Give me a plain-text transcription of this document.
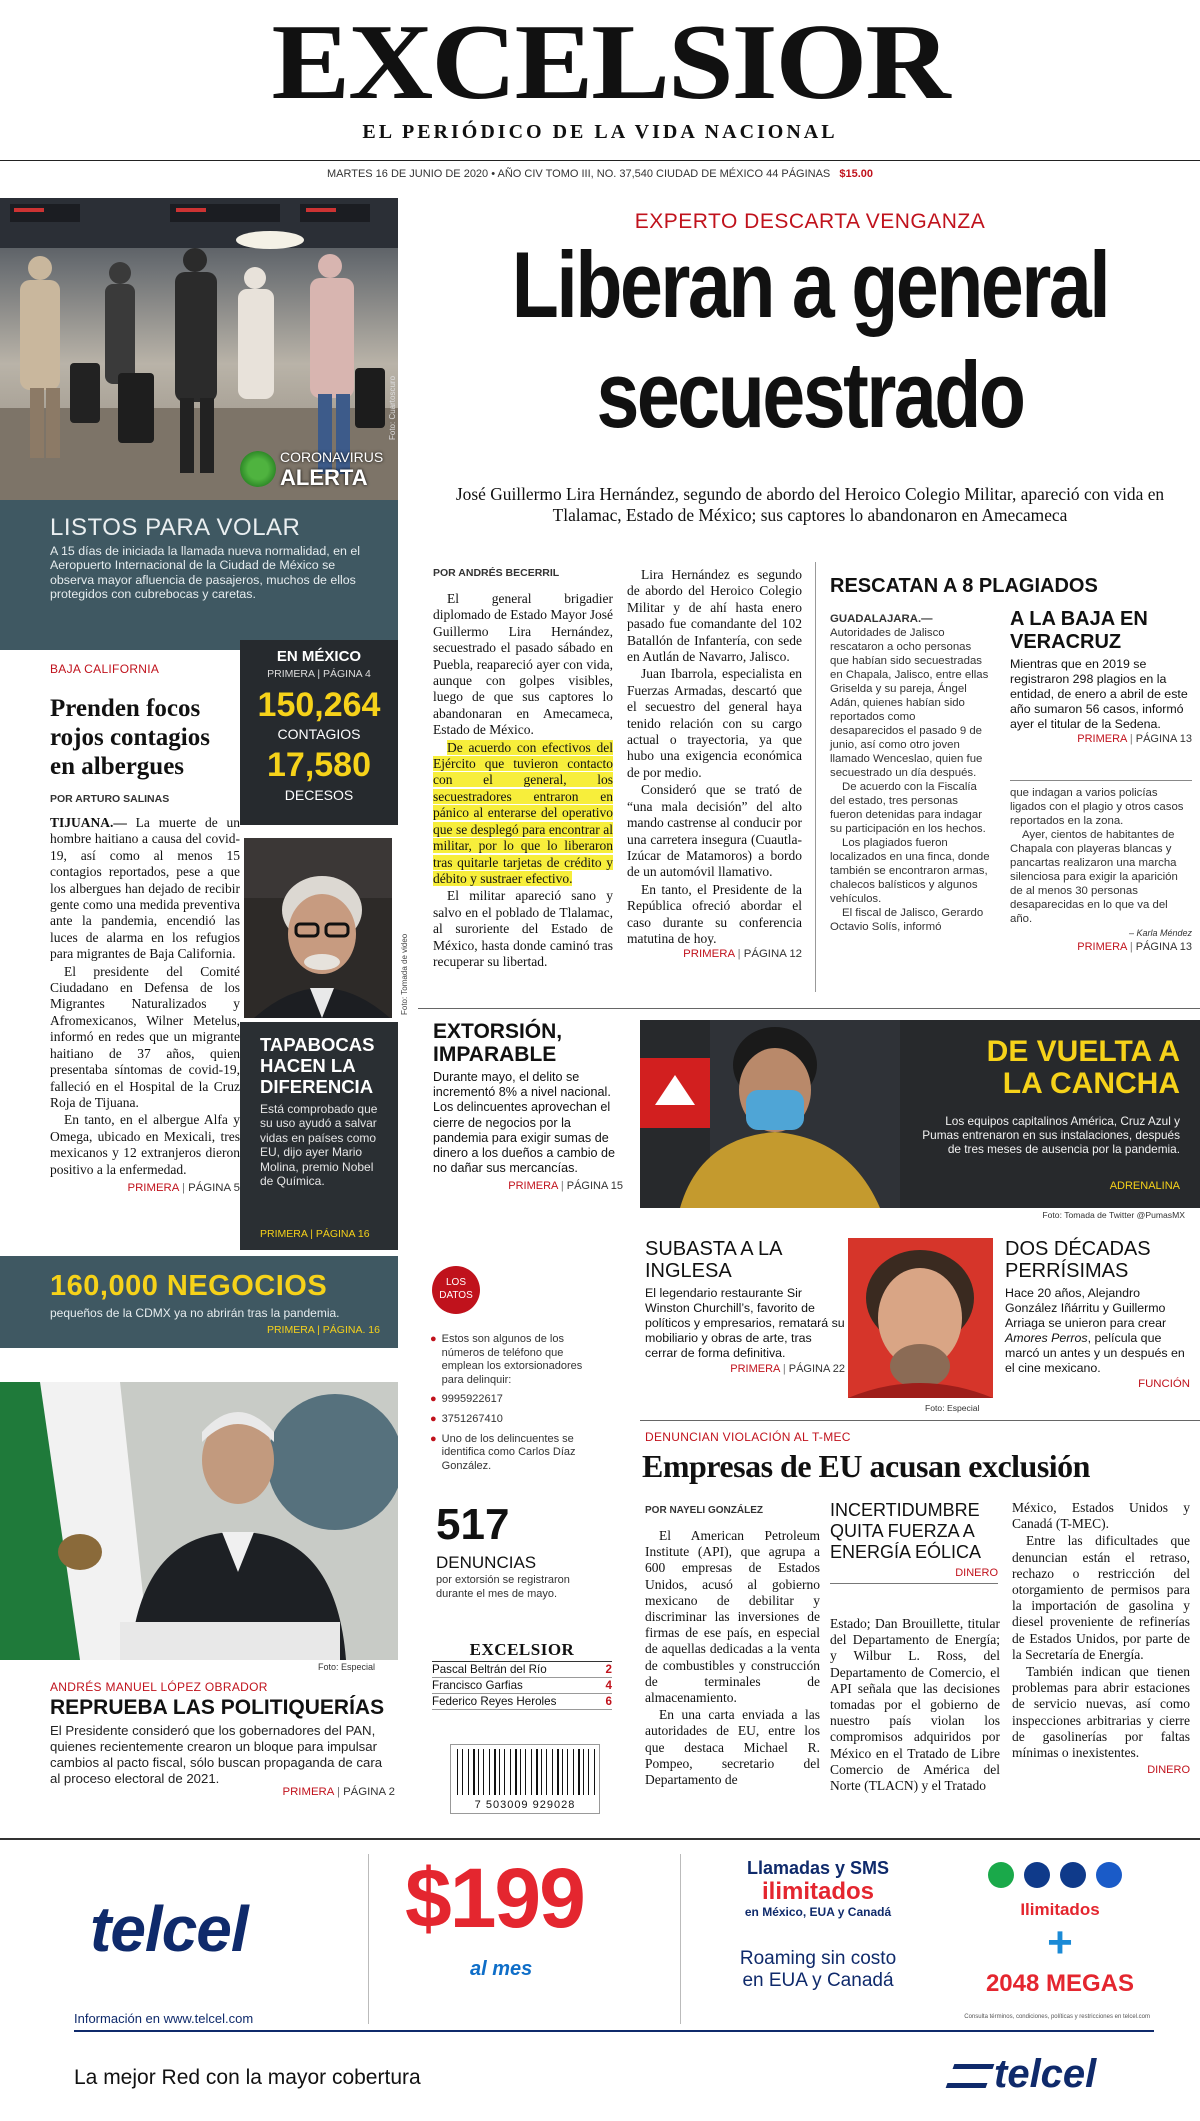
EXCELSIOR
EL PERIÓDICO DE LA VIDA NACIONAL
MARTES 16 DE JUNIO DE 2020 • AÑO CIV TOMO III, NO. 37,540 CIUDAD DE MÉXICO 44 PÁGINAS $15.00
CORONAVIRUS
ALERTA
Foto: Cuartoscuro
LISTOS PARA VOLAR
A 15 días de iniciada la llamada nueva normalidad, en el Aeropuerto Internacional de la Ciudad de México se observa mayor afluencia de pasajeros, muchos de ellos protegidos con cubrebocas y caretas.
BAJA CALIFORNIA
Prenden focos rojos contagios en albergues
POR ARTURO SALINAS

TIJUANA.— La muerte de un hombre haitiano a causa del covid-19, así como al menos 15 contagios reportados, pese a que los albergues han dejado de recibir gente como una medida preventiva ante la pandemia, encendió las luces de alarma en los refugios para migrantes de Baja California.

El presidente del Comité Ciudadano en Defensa de los Migrantes Naturalizados y Afromexicanos, Wilner Metelus, informó en redes que un migrante haitiano de 37 años, quien presentaba síntomas de covid-19, falleció en el Hospital de la Cruz Roja de Tijuana.

En tanto, en el albergue Alfa y Omega, ubicado en Mexicali, tres mexicanos y 12 extranjeros dieron positivo a la enfermedad.

PRIMERA | PÁGINA 5
EN MÉXICO
PRIMERA | PÁGINA 4
150,264
CONTAGIOS
17,580
DECESOS
Foto: Tomada de video
TAPABOCAS HACEN LA DIFERENCIA
Está comprobado que su uso ayudó a salvar vidas en países como EU, dijo ayer Mario Molina, premio Nobel de Química.
PRIMERA | PÁGINA 16
160,000 NEGOCIOS
pequeños de la CDMX ya no abrirán tras la pandemia.
PRIMERA | PÁGINA. 16
Foto: Especial
ANDRÉS MANUEL LÓPEZ OBRADOR
REPRUEBA LAS POLITIQUERÍAS
El Presidente consideró que los gobernadores del PAN, quienes recientemente crearon un bloque para impulsar cambios al pacto fiscal, sólo buscan propaganda de cara al proceso electoral de 2021.
PRIMERA | PÁGINA 2
EXPERTO DESCARTA VENGANZA
Liberan a general
secuestrado
José Guillermo Lira Hernández, segundo de abordo del Heroico Colegio Militar, apareció con vida en Tlalamac, Estado de México; sus captores lo abandonaron en Amecameca
POR ANDRÉS BECERRIL

El general brigadier diplomado de Estado Mayor José Guillermo Lira Hernández, secuestrado el pasado sábado en Puebla, reapareció ayer con vida, aunque con golpes visibles, luego de que sus captores lo abandonaran en Amecameca, Estado de México.

De acuerdo con efectivos del Ejército que tuvieron contacto con el general, los secuestradores entraron en pánico al enterarse del operativo que se desplegó para encontrar al militar, por lo que lo liberaron tras quitarle tarjetas de crédito y débito y sustraer efectivo.

El militar apareció sano y salvo en el poblado de Tlalamac, al suroriente del Estado de México, hasta donde caminó tras recuperar su libertad.

Lira Hernández es segundo de abordo del Heroico Colegio Militar y de ahí hasta enero pasado fue comandante del 102 Batallón de Infantería, con sede en Autlán de Navarro, Jalisco.

Juan Ibarrola, especialista en Fuerzas Armadas, descartó que el secuestro del general haya tenido relación con su cargo actual o trayectoria, ya que hubo una exigencia económica de por medio.

Consideró que se trató de “una mala decisión” del alto mando castrense al conducir por una carretera insegura (Cuautla-Izúcar de Matamoros) a bordo de un automóvil llamativo.

En tanto, el Presidente de la República ofreció abordar el caso durante su conferencia matutina de hoy.

PRIMERA | PÁGINA 12
RESCATAN A 8 PLAGIADOS

GUADALAJARA.— Autoridades de Jalisco rescataron a ocho personas que habían sido secuestradas en Chapala, Jalisco, entre ellas Griselda y su pareja, Ángel Adán, quienes habían sido reportados como desaparecidos el pasado 9 de junio, así como otro joven llamado Wenceslao, quien fue secuestrado un día después.

De acuerdo con la Fiscalía del estado, tres personas fueron detenidas para indagar su participación en los hechos.

Los plagiados fueron localizados en una finca, donde también se encontraron armas, chalecos balísticos y algunos vehículos.

El fiscal de Jalisco, Gerardo Octavio Solís, informó

A LA BAJA EN VERACRUZ
Mientras que en 2019 se registraron 298 plagios en la entidad, de enero a abril de este año sumaron 56 casos, informó ayer el titular de la Sedena.
PRIMERA | PÁGINA 13

que indagan a varios policías ligados con el plagio y otros casos reportados en la zona.

Ayer, cientos de habitantes de Chapala con playeras blancas y pancartas realizaron una marcha silenciosa para exigir la aparición de al menos 30 personas desaparecidas en lo que va del año.

– Karla Méndez

PRIMERA | PÁGINA 13

EXTORSIÓN, IMPARABLE
Durante mayo, el delito se incrementó 8% a nivel nacional. Los delincuentes aprovechan el cierre de negocios por la pandemia para exigir sumas de dinero a los dueños a cambio de no dañar sus mercancías.
PRIMERA | PÁGINA 15
LOS
DATOS
● Estos son algunos de los números de teléfono que emplean los extorsionadores para delinquir:
● 9995922617
● 3751267410
● Uno de los delincuentes se identifica como Carlos Díaz González.
517
DENUNCIAS
por extorsión se registraron durante el mes de mayo.
EXCELSIOR
Pascal Beltrán del Río	2
Francisco Garfias	4
Federico Reyes Heroles	6
7 503009 929028
DE VUELTA A
LA CANCHA
Los equipos capitalinos América, Cruz Azul y Pumas entrenaron en sus instalaciones, después de tres meses de ausencia por la pandemia.
ADRENALINA
Foto: Tomada de Twitter @PumasMX
SUBASTA A LA INGLESA
El legendario restaurante Sir Winston Churchill’s, favorito de políticos y empresarios, rematará su mobiliario y obras de arte, tras cerrar de forma definitiva.
PRIMERA | PÁGINA 22
Foto: Especial
DOS DÉCADAS PERRÍSIMAS
Hace 20 años, Alejandro González Iñárritu y Guillermo Arriaga se unieron para crear Amores Perros, película que marcó un antes y un después en el cine mexicano.
FUNCIÓN
DENUNCIAN VIOLACIÓN AL T-MEC
Empresas de EU acusan exclusión
POR NAYELI GONZÁLEZ

El American Petroleum Institute (API), que agrupa a 600 empresas de Estados Unidos, acusó al gobierno mexicano de debilitar y discriminar las inversiones de firmas de ese país, en especial de aquellas dedicadas a la venta de combustibles y construcción de terminales de almacenamiento.

En una carta enviada a las autoridades de EU, entre los que destaca Michael R. Pompeo, secretario del Departamento de

INCERTIDUMBRE QUITA FUERZA A ENERGÍA EÓLICA
DINERO

Estado; Dan Brouillette, titular del Departamento de Energía; y Wilbur L. Ross, del Departamento de Comercio, el API señala que las decisiones tomadas por el gobierno de nuestro país violan los compromisos adquiridos por México en el Tratado de Libre Comercio de América del Norte (TLACN) y el Tratado

México, Estados Unidos y Canadá (T-MEC).

Entre las dificultades que denuncian están el retraso, rechazo o restricción del otorgamiento de permisos para la importación de gasolina y diesel proveniente de refinerías de Estados Unidos, por parte de la Secretaría de Energía.

También indican que tienen problemas para abrir estaciones de servicio nuevas, así como inspecciones arbitrarias y cierre de gasolinerías por faltas mínimas o inexistentes.

DINERO

telcel $199
al mes
Llamadas y SMS
ilimitados
en México, EUA y Canadá
Roaming sin costo
en EUA y Canadá
Ilimitados
+
2048 MEGAS
Información en www.telcel.com	Consulta términos, condiciones, políticas y restricciones en telcel.com
La mejor Red con la mayor cobertura	telcel
